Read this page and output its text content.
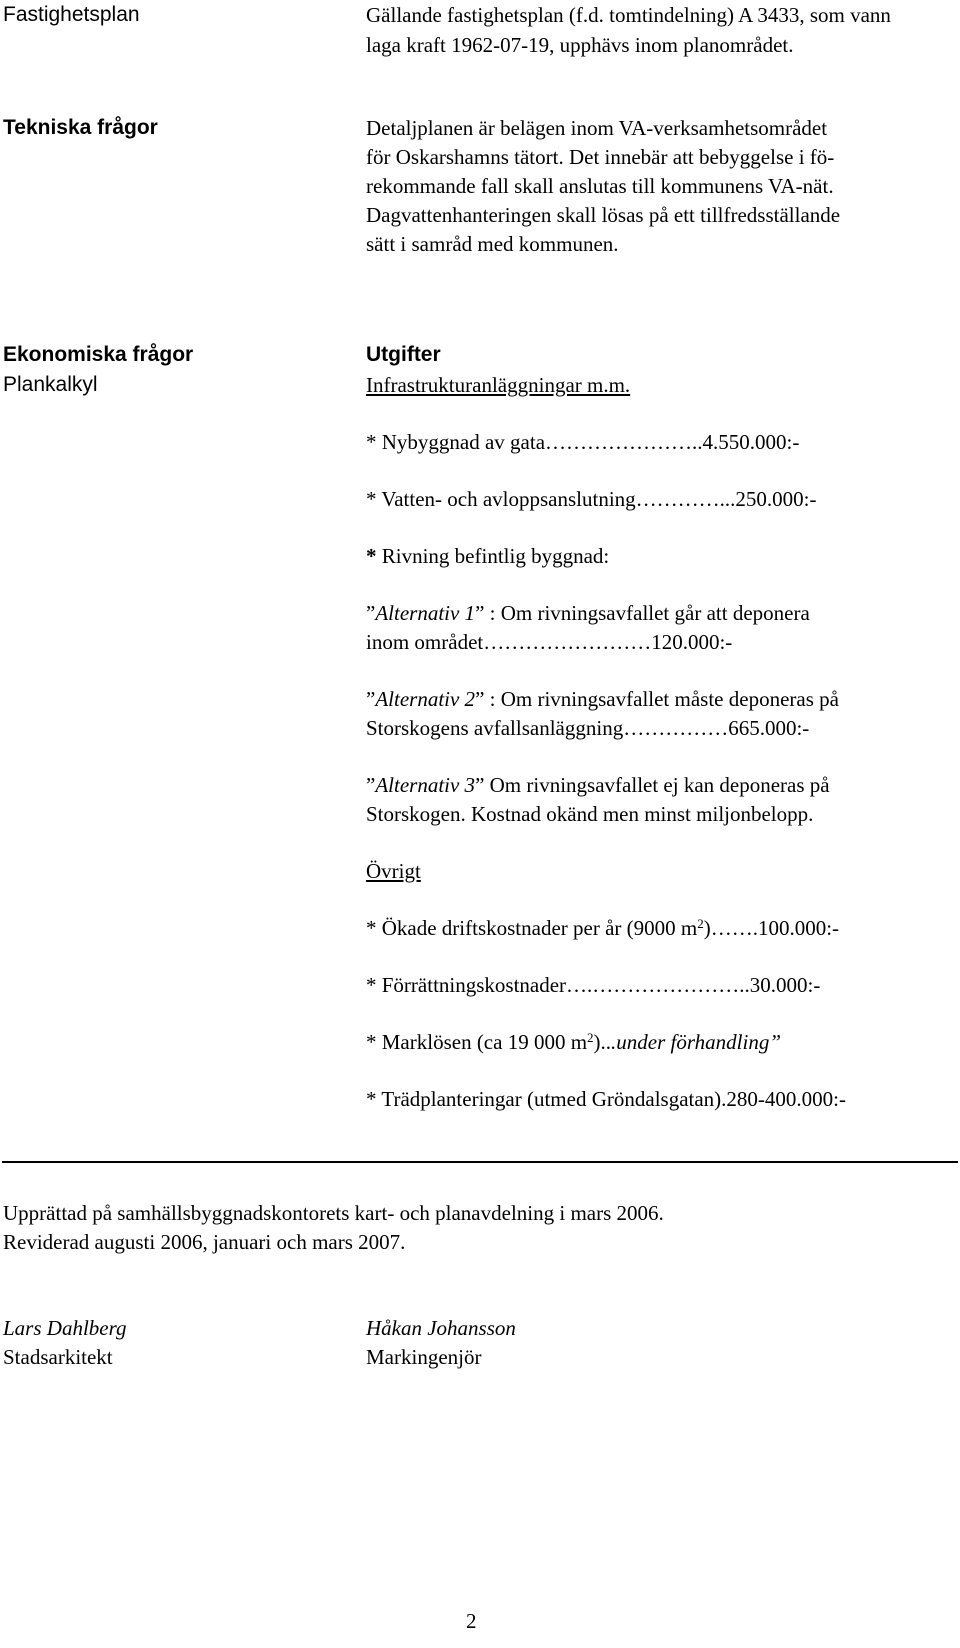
Fastighetsplan	Gällande fastighetsplan (f.d. tomtindelning) A 3433, som vann laga kraft 1962-07-19, upphävs inom planområdet.
Tekniska frågor	Detaljplanen är belägen inom VA-verksamhetsområdet
för Oskarshamns tätort. Det innebär att bebyggelse i fö-
rekommande fall skall anslutas till kommunens VA-nät.
Dagvattenhanteringen skall lösas på ett tillfredsställande
sätt i samråd med kommunen.
Ekonomiska frågor
Plankalkyl
Utgifter
Infrastrukturanläggningar m.m.
* Nybyggnad av gata…………………..4.550.000:-
* Vatten- och avloppsanslutning…………...250.000:-
* Rivning befintlig byggnad:
”Alternativ 1” : Om rivningsavfallet går att deponera
inom området……………………120.000:-
”Alternativ 2” : Om rivningsavfallet måste deponeras på
Storskogens avfallsanläggning……………665.000:-
”Alternativ 3” Om rivningsavfallet ej kan deponeras på
Storskogen. Kostnad okänd men minst miljonbelopp.
Övrigt
* Ökade driftskostnader per år (9000 $m^2)\dots\dots.100.000:-$
* Förrättningskostnader….…………………..30.000:-
* Marklösen (ca 19 000 $m^2)...under$ förhandling”
* Trädplanteringar (utmed Gröndalsgatan).280-400.000:-
Upprättad på samhällsbyggnadskontorets kart- och planavdelning i mars 2006.
Reviderad augusti 2006, januari och mars 2007.
Lars Dahlberg
Stadsarkitekt
Håkan Johansson
Markingenjör
2
